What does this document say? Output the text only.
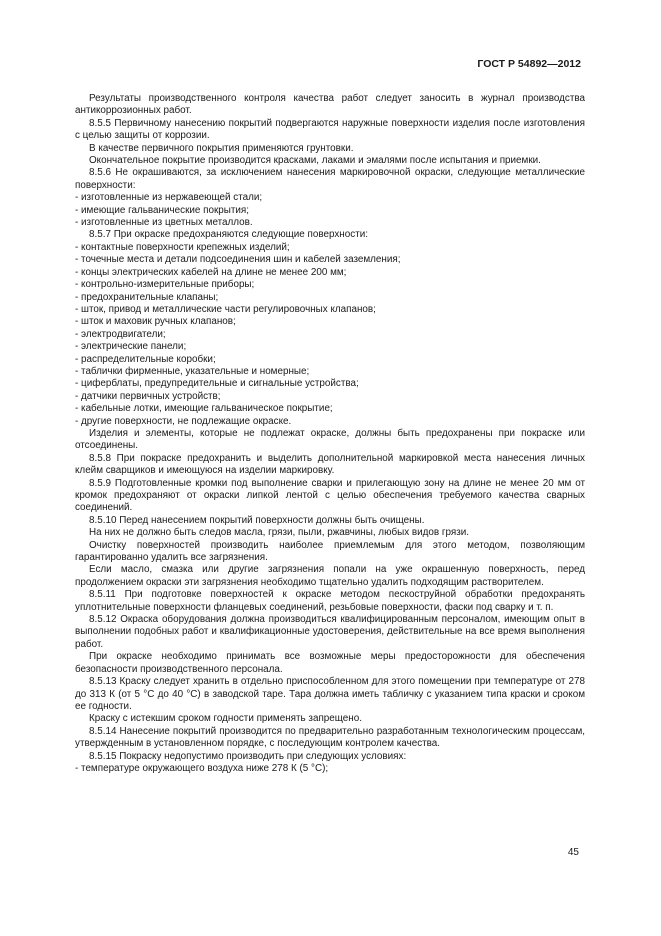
ГОСТ Р 54892—2012
Результаты производственного контроля качества работ следует заносить в журнал производства антикоррозионных работ.
8.5.5 Первичному нанесению покрытий подвергаются наружные поверхности изделия после изготовления с целью защиты от коррозии.
В качестве первичного покрытия применяются грунтовки.
Окончательное покрытие производится красками, лаками и эмалями после испытания и приемки.
8.5.6 Не окрашиваются, за исключением нанесения маркировочной окраски, следующие металлические поверхности:
- изготовленные из нержавеющей стали;
- имеющие гальванические покрытия;
- изготовленные из цветных металлов.
8.5.7 При окраске предохраняются следующие поверхности:
- контактные поверхности крепежных изделий;
- точечные места и детали подсоединения шин и кабелей заземления;
- концы электрических кабелей на длине не менее 200 мм;
- контрольно-измерительные приборы;
- предохранительные клапаны;
- шток, привод и металлические части регулировочных клапанов;
- шток и маховик ручных клапанов;
- электродвигатели;
- электрические панели;
- распределительные коробки;
- таблички фирменные, указательные и номерные;
- циферблаты, предупредительные и сигнальные устройства;
- датчики первичных устройств;
- кабельные лотки, имеющие гальваническое покрытие;
- другие поверхности, не подлежащие окраске.
Изделия и элементы, которые не подлежат окраске, должны быть предохранены при покраске или отсоединены.
8.5.8 При покраске предохранить и выделить дополнительной маркировкой места нанесения личных клейм сварщиков и имеющуюся на изделии маркировку.
8.5.9 Подготовленные кромки под выполнение сварки и прилегающую зону на длине не менее 20 мм от кромок предохраняют от окраски липкой лентой с целью обеспечения требуемого качества сварных соединений.
8.5.10 Перед нанесением покрытий поверхности должны быть очищены.
На них не должно быть следов масла, грязи, пыли, ржавчины, любых видов грязи.
Очистку поверхностей производить наиболее приемлемым для этого методом, позволяющим гарантированно удалить все загрязнения.
Если масло, смазка или другие загрязнения попали на уже окрашенную поверхность, перед продолжением окраски эти загрязнения необходимо тщательно удалить подходящим растворителем.
8.5.11 При подготовке поверхностей к окраске методом пескоструйной обработки предохранять уплотнительные поверхности фланцевых соединений, резьбовые поверхности, фаски под сварку и т. п.
8.5.12 Окраска оборудования должна производиться квалифицированным персоналом, имеющим опыт в выполнении подобных работ и квалификационные удостоверения, действительные на все время выполнения работ.
При окраске необходимо принимать все возможные меры предосторожности для обеспечения безопасности производственного персонала.
8.5.13 Краску следует хранить в отдельно приспособленном для этого помещении при температуре от 278 до 313 К (от 5 °С до 40 °С) в заводской таре. Тара должна иметь табличку с указанием типа краски и сроком ее годности.
Краску с истекшим сроком годности применять запрещено.
8.5.14 Нанесение покрытий производится по предварительно разработанным технологическим процессам, утвержденным в установленном порядке, с последующим контролем качества.
8.5.15 Покраску недопустимо производить при следующих условиях:
- температуре окружающего воздуха ниже 278 К (5 °С);
45
